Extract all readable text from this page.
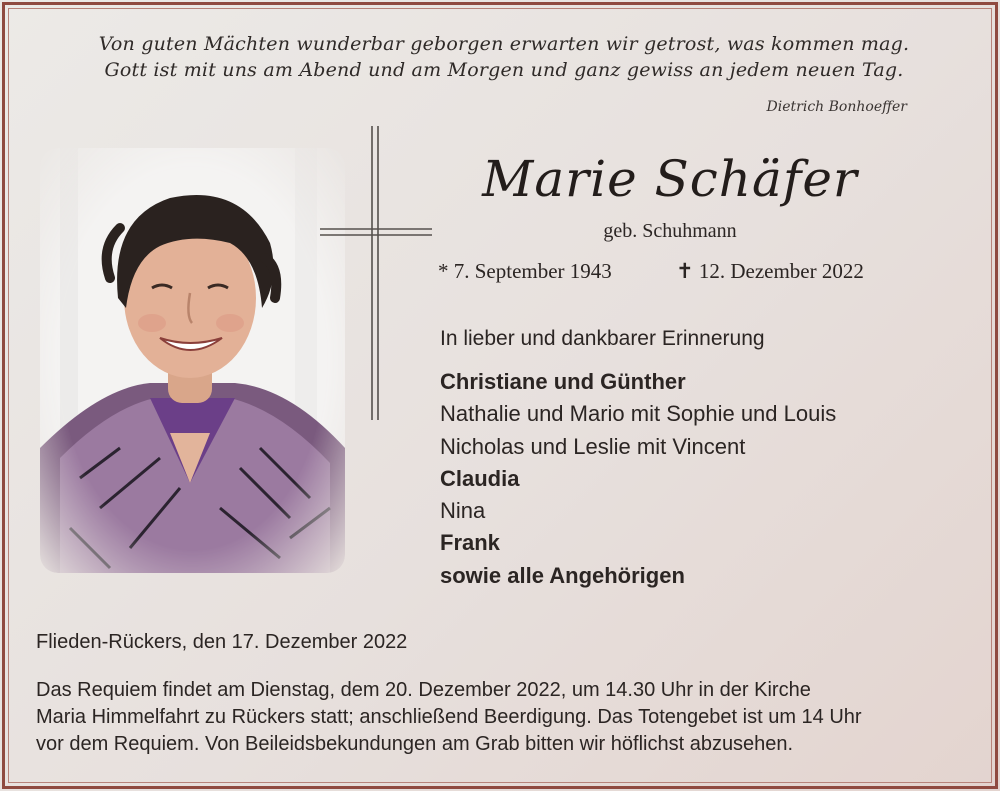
Von guten Mächten wunderbar geborgen erwarten wir getrost, was kommen mag.
Gott ist mit uns am Abend und am Morgen und ganz gewiss an jedem neuen Tag.
Dietrich Bonhoeffer
Marie Schäfer
geb. Schuhmann
* 7. September 1943	✝ 12. Dezember 2022
In lieber und dankbarer Erinnerung
Christiane und Günther
Nathalie und Mario mit Sophie und Louis
Nicholas und Leslie mit Vincent
Claudia
Nina
Frank
sowie alle Angehörigen
Flieden-Rückers, den 17. Dezember 2022
Das Requiem findet am Dienstag, dem 20. Dezember 2022, um 14.30 Uhr in der Kirche
Maria Himmelfahrt zu Rückers statt; anschließend Beerdigung. Das Totengebet ist um 14 Uhr
vor dem Requiem. Von Beileidsbekundungen am Grab bitten wir höflichst abzusehen.
